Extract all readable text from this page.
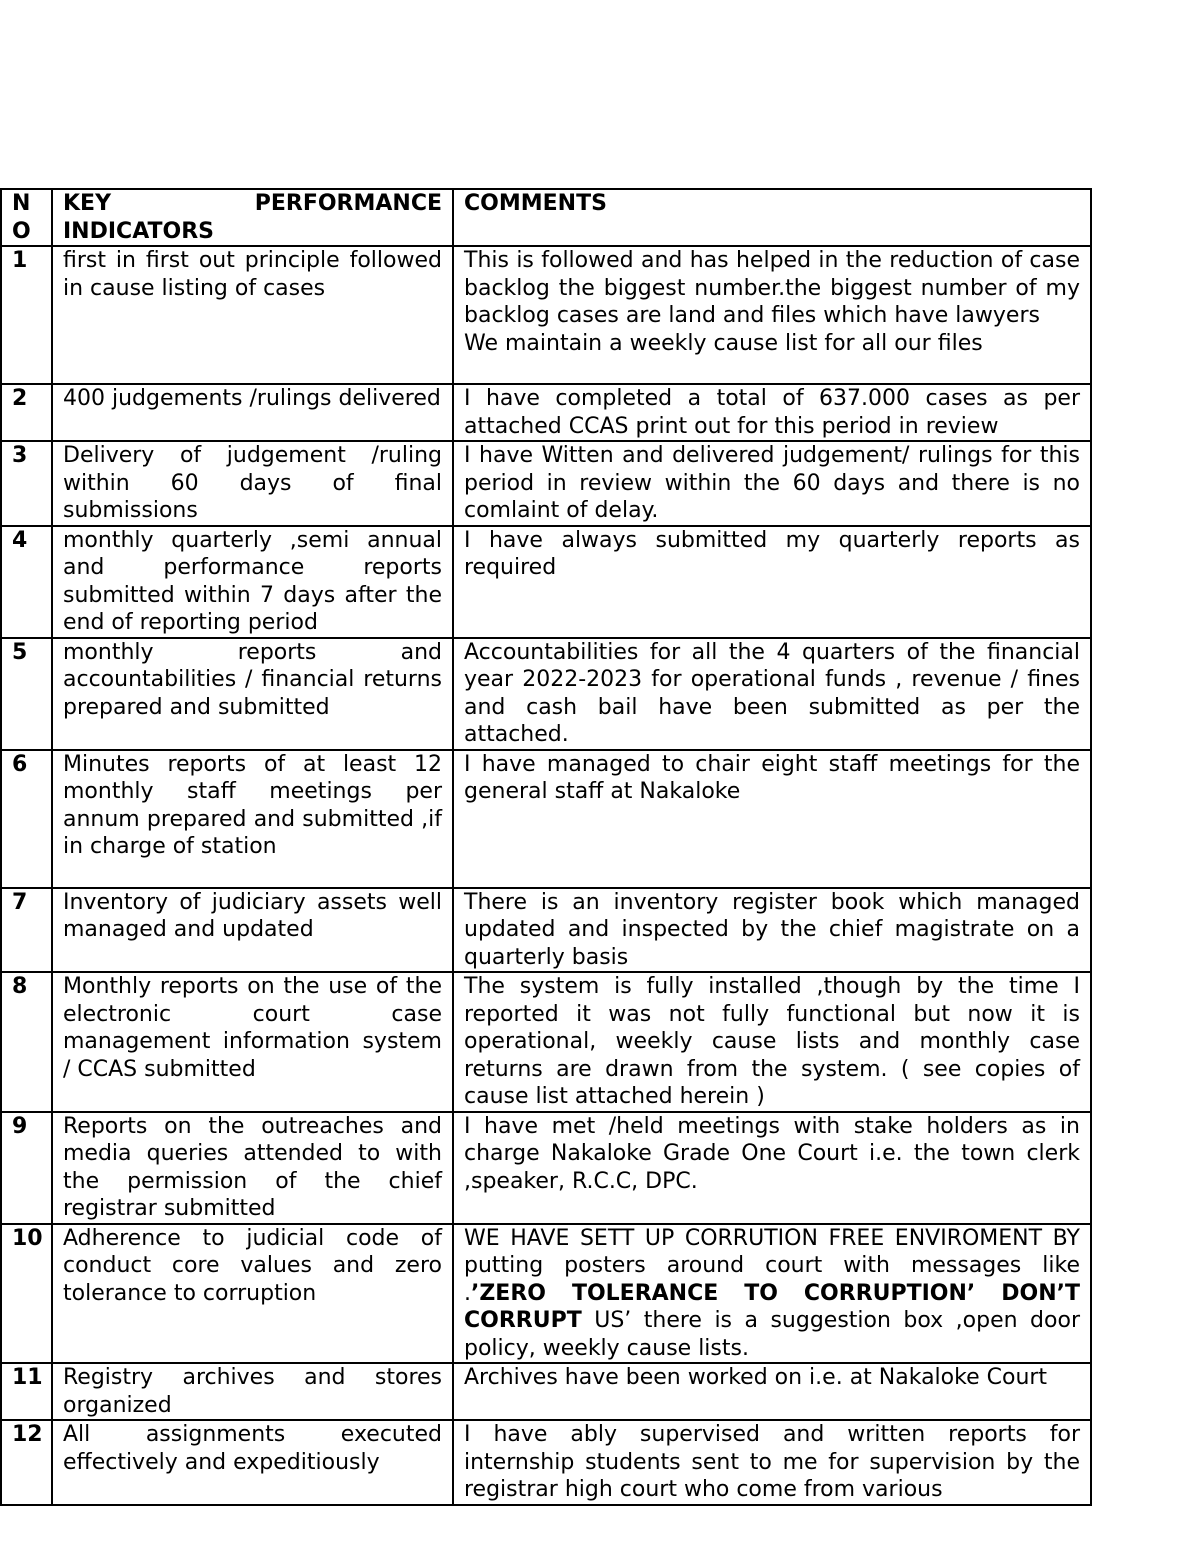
N
O	KEY PERFORMANCE INDICATORS	COMMENTS
1	first in first out principle followed in cause listing of cases	This is followed and has helped in the reduction of case backlog the biggest number.the biggest number of my backlog cases are land and files which have lawyers
We maintain a weekly cause list for all our files

2	400 judgements /rulings delivered	I have completed a total of 637.000 cases as per attached CCAS print out for this period in review
3	Delivery of judgement /ruling within 60 days of final submissions	I have Witten and delivered judgement/ rulings for this period in review within the 60 days and there is no comlaint of delay.
4	monthly quarterly ,semi annual and performance reports submitted within 7 days after the end of reporting period	I have always submitted my quarterly reports as required
5	monthly reports and accountabilities / financial returns prepared and submitted	Accountabilities for all the 4 quarters of the financial year 2022-2023 for operational funds , revenue / fines and cash bail have been submitted as per the attached.
6	Minutes reports of at least 12 monthly staff meetings per annum prepared and submitted ,if in charge of station	I have managed to chair eight staff meetings for the general staff at Nakaloke
7	Inventory of judiciary assets well managed and updated	There is an inventory register book which managed updated and inspected by the chief magistrate on a quarterly basis
8	Monthly reports on the use of the electronic court case management information system / CCAS submitted	The system is fully installed ,though by the time I reported it was not fully functional but now it is operational, weekly cause lists and monthly case returns are drawn from the system. ( see copies of cause list attached herein )
9	Reports on the outreaches and media queries attended to with the permission of the chief registrar submitted	I have met /held meetings with stake holders as in charge Nakaloke Grade One Court i.e. the town clerk ,speaker, R.C.C, DPC.
10	Adherence to judicial code of conduct core values and zero tolerance to corruption	WE HAVE SETT UP CORRUTION FREE ENVIROMENT BY putting posters around court with messages like .’ZERO TOLERANCE TO CORRUPTION’ DON’T CORRUPT US’ there is a suggestion box ,open door policy, weekly cause lists.
11	Registry archives and stores organized	Archives have been worked on i.e. at Nakaloke Court
12	All assignments executed effectively and expeditiously	I have ably supervised and written reports for internship students sent to me for supervision by the registrar high court who come from various
